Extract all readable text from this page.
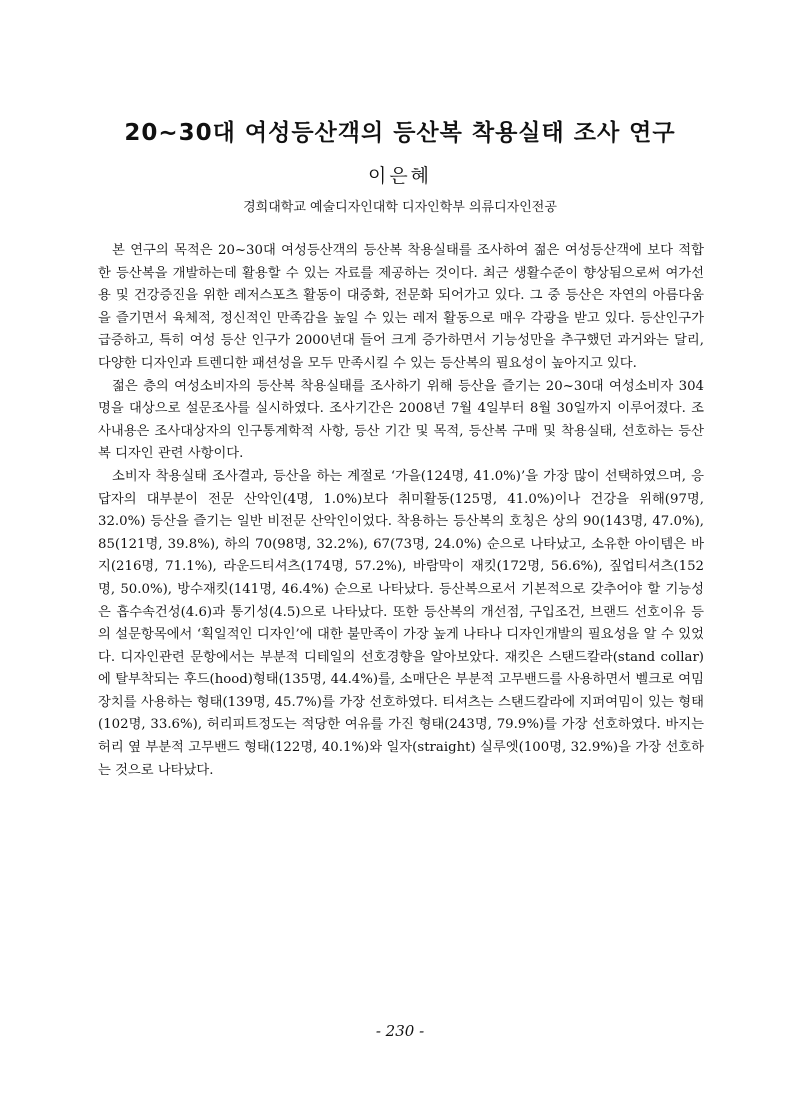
20~30대 여성등산객의 등산복 착용실태 조사 연구

이은혜

경희대학교 예술디자인대학 디자인학부 의류디자인전공

본 연구의 목적은 20~30대 여성등산객의 등산복 착용실태를 조사하여 젊은 여성등산객에 보다 적합한 등산복을 개발하는데 활용할 수 있는 자료를 제공하는 것이다. 최근 생활수준이 향상됨으로써 여가선용 및 건강증진을 위한 레저스포츠 활동이 대중화, 전문화 되어가고 있다. 그 중 등산은 자연의 아름다움을 즐기면서 육체적, 정신적인 만족감을 높일 수 있는 레저 활동으로 매우 각광을 받고 있다. 등산인구가 급증하고, 특히 여성 등산 인구가 2000년대 들어 크게 증가하면서 기능성만을 추구했던 과거와는 달리, 다양한 디자인과 트렌디한 패션성을 모두 만족시킬 수 있는 등산복의 필요성이 높아지고 있다.

젊은 층의 여성소비자의 등산복 착용실태를 조사하기 위해 등산을 즐기는 20~30대 여성소비자 304명을 대상으로 설문조사를 실시하였다. 조사기간은 2008년 7월 4일부터 8월 30일까지 이루어졌다. 조사내용은 조사대상자의 인구통계학적 사항, 등산 기간 및 목적, 등산복 구매 및 착용실태, 선호하는 등산복 디자인 관련 사항이다.

소비자 착용실태 조사결과, 등산을 하는 계절로 ‘가을(124명, 41.0%)’을 가장 많이 선택하였으며, 응답자의 대부분이 전문 산악인(4명, 1.0%)보다 취미활동(125명, 41.0%)이나 건강을 위해(97명, 32.0%) 등산을 즐기는 일반 비전문 산악인이었다. 착용하는 등산복의 호칭은 상의 90(143명, 47.0%), 85(121명, 39.8%), 하의 70(98명, 32.2%), 67(73명, 24.0%) 순으로 나타났고, 소유한 아이템은 바지(216명, 71.1%), 라운드티셔츠(174명, 57.2%), 바람막이 재킷(172명, 56.6%), 짚업티셔츠(152명, 50.0%), 방수재킷(141명, 46.4%) 순으로 나타났다. 등산복으로서 기본적으로 갖추어야 할 기능성은 흡수속건성(4.6)과 통기성(4.5)으로 나타났다. 또한 등산복의 개선점, 구입조건, 브랜드 선호이유 등의 설문항목에서 ‘획일적인 디자인’에 대한 불만족이 가장 높게 나타나 디자인개발의 필요성을 알 수 있었다. 디자인관련 문항에서는 부분적 디테일의 선호경향을 알아보았다. 재킷은 스탠드칼라(stand collar)에 탈부착되는 후드(hood)형태(135명, 44.4%)를, 소매단은 부분적 고무밴드를 사용하면서 벨크로 여밈장치를 사용하는 형태(139명, 45.7%)를 가장 선호하였다. 티셔츠는 스탠드칼라에 지퍼여밈이 있는 형태(102명, 33.6%), 허리피트정도는 적당한 여유를 가진 형태(243명, 79.9%)를 가장 선호하였다. 바지는 허리 옆 부분적 고무밴드 형태(122명, 40.1%)와 일자(straight) 실루엣(100명, 32.9%)을 가장 선호하는 것으로 나타났다.

- 230 -
